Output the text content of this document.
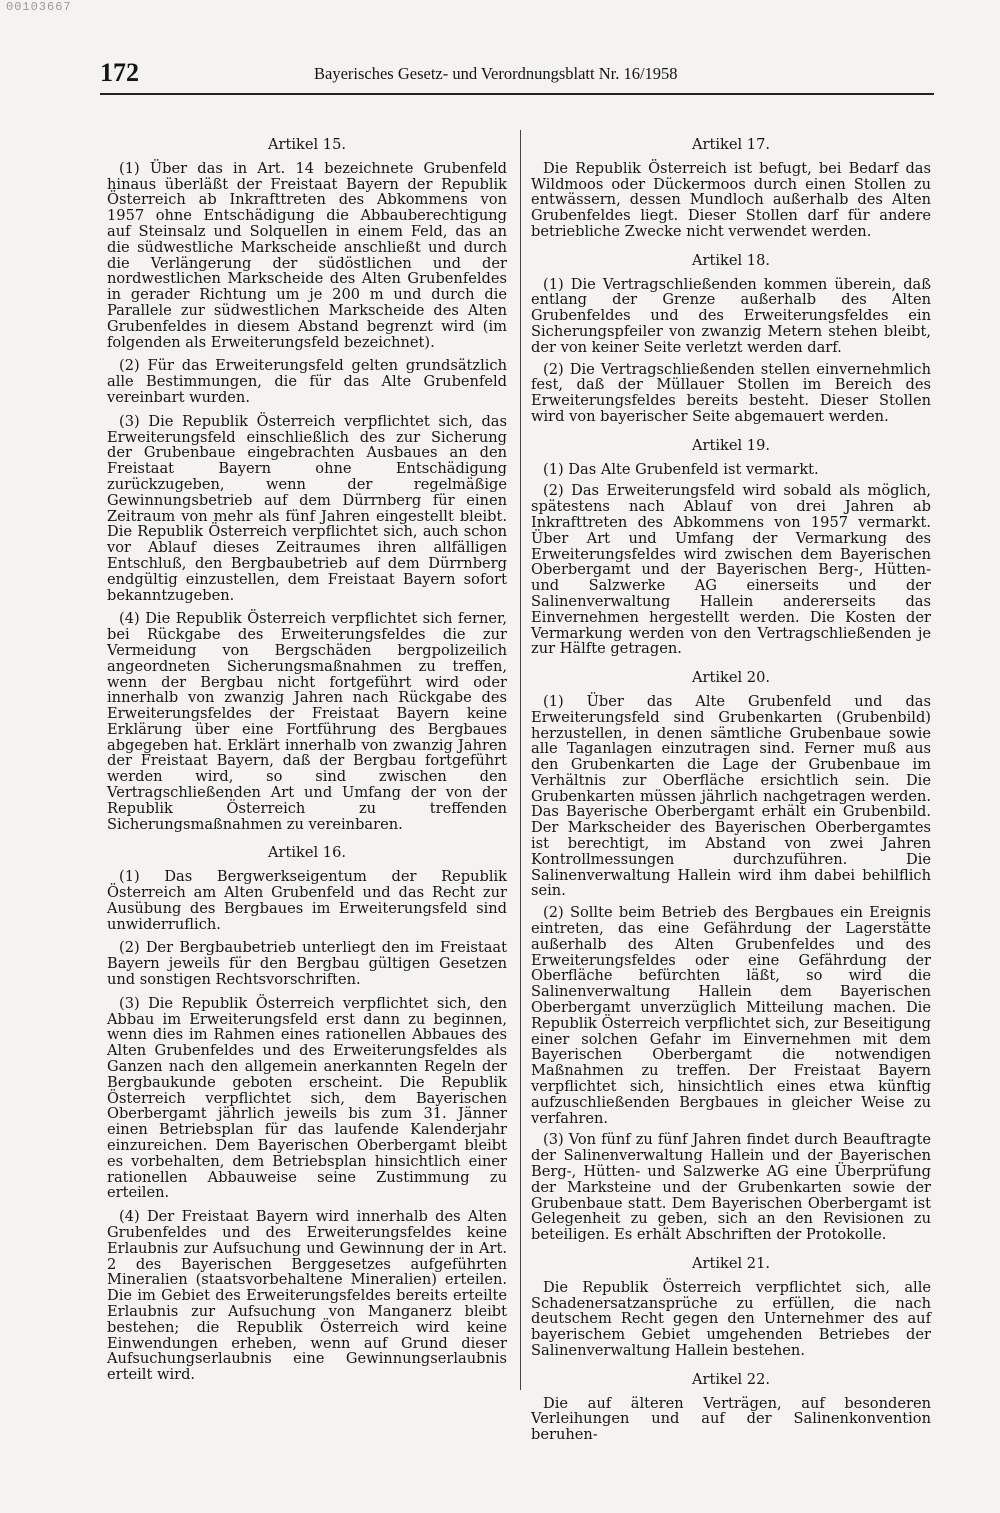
00103667
172	Bayerisches Gesetz- und Verordnungsblatt Nr. 16/1958
Artikel 15.

(1) Über das in Art. 14 bezeichnete Grubenfeld hinaus überläßt der Freistaat Bayern der Republik Österreich ab Inkrafttreten des Abkommens von 1957 ohne Entschädigung die Abbauberechtigung auf Steinsalz und Solquellen in einem Feld, das an die südwestliche Markscheide anschließt und durch die Verlängerung der südöstlichen und der nordwestlichen Markscheide des Alten Grubenfeldes in gerader Richtung um je 200 m und durch die Parallele zur südwestlichen Markscheide des Alten Grubenfeldes in diesem Abstand begrenzt wird (im folgenden als Erweiterungsfeld bezeichnet).

(2) Für das Erweiterungsfeld gelten grundsätzlich alle Bestimmungen, die für das Alte Grubenfeld vereinbart wurden.

(3) Die Republik Österreich verpflichtet sich, das Erweiterungsfeld einschließlich des zur Sicherung der Grubenbaue eingebrachten Ausbaues an den Freistaat Bayern ohne Entschädigung zurückzugeben, wenn der regelmäßige Gewinnungsbetrieb auf dem Dürrnberg für einen Zeitraum von mehr als fünf Jahren eingestellt bleibt. Die Republik Österreich verpflichtet sich, auch schon vor Ablauf dieses Zeitraumes ihren allfälligen Entschluß, den Bergbaubetrieb auf dem Dürrnberg endgültig einzustellen, dem Freistaat Bayern sofort bekanntzugeben.

(4) Die Republik Österreich verpflichtet sich ferner, bei Rückgabe des Erweiterungsfeldes die zur Vermeidung von Bergschäden bergpolizeilich angeordneten Sicherungsmaßnahmen zu treffen, wenn der Bergbau nicht fortgeführt wird oder innerhalb von zwanzig Jahren nach Rückgabe des Erweiterungsfeldes der Freistaat Bayern keine Erklärung über eine Fortführung des Bergbaues abgegeben hat. Erklärt innerhalb von zwanzig Jahren der Freistaat Bayern, daß der Bergbau fortgeführt werden wird, so sind zwischen den Vertragschließenden Art und Umfang der von der Republik Österreich zu treffenden Sicherungsmaßnahmen zu vereinbaren.

Artikel 16.

(1) Das Bergwerkseigentum der Republik Österreich am Alten Grubenfeld und das Recht zur Ausübung des Bergbaues im Erweiterungsfeld sind unwiderruflich.

(2) Der Bergbaubetrieb unterliegt den im Freistaat Bayern jeweils für den Bergbau gültigen Gesetzen und sonstigen Rechtsvorschriften.

(3) Die Republik Österreich verpflichtet sich, den Abbau im Erweiterungsfeld erst dann zu beginnen, wenn dies im Rahmen eines rationellen Abbaues des Alten Grubenfeldes und des Erweiterungsfeldes als Ganzen nach den allgemein anerkannten Regeln der Bergbaukunde geboten erscheint. Die Republik Österreich verpflichtet sich, dem Bayerischen Oberbergamt jährlich jeweils bis zum 31. Jänner einen Betriebsplan für das laufende Kalenderjahr einzureichen. Dem Bayerischen Oberbergamt bleibt es vorbehalten, dem Betriebsplan hinsichtlich einer rationellen Abbauweise seine Zustimmung zu erteilen.

(4) Der Freistaat Bayern wird innerhalb des Alten Grubenfeldes und des Erweiterungsfeldes keine Erlaubnis zur Aufsuchung und Gewinnung der in Art. 2 des Bayerischen Berggesetzes aufgeführten Mineralien (staatsvorbehaltene Mineralien) erteilen. Die im Gebiet des Erweiterungsfeldes bereits erteilte Erlaubnis zur Aufsuchung von Manganerz bleibt bestehen; die Republik Österreich wird keine Einwendungen erheben, wenn auf Grund dieser Aufsuchungserlaubnis eine Gewinnungserlaubnis erteilt wird.

Artikel 17.

Die Republik Österreich ist befugt, bei Bedarf das Wildmoos oder Dückermoos durch einen Stollen zu entwässern, dessen Mundloch außerhalb des Alten Grubenfeldes liegt. Dieser Stollen darf für andere betriebliche Zwecke nicht verwendet werden.

Artikel 18.

(1) Die Vertragschließenden kommen überein, daß entlang der Grenze außerhalb des Alten Grubenfeldes und des Erweiterungsfeldes ein Sicherungspfeiler von zwanzig Metern stehen bleibt, der von keiner Seite verletzt werden darf.

(2) Die Vertragschließenden stellen einvernehmlich fest, daß der Müllauer Stollen im Bereich des Erweiterungsfeldes bereits besteht. Dieser Stollen wird von bayerischer Seite abgemauert werden.

Artikel 19.

(1) Das Alte Grubenfeld ist vermarkt.

(2) Das Erweiterungsfeld wird sobald als möglich, spätestens nach Ablauf von drei Jahren ab Inkrafttreten des Abkommens von 1957 vermarkt. Über Art und Umfang der Vermarkung des Erweiterungsfeldes wird zwischen dem Bayerischen Oberbergamt und der Bayerischen Berg-, Hütten- und Salzwerke AG einerseits und der Salinenverwaltung Hallein andererseits das Einvernehmen hergestellt werden. Die Kosten der Vermarkung werden von den Vertragschließenden je zur Hälfte getragen.

Artikel 20.

(1) Über das Alte Grubenfeld und das Erweiterungsfeld sind Grubenkarten (Grubenbild) herzustellen, in denen sämtliche Grubenbaue sowie alle Taganlagen einzutragen sind. Ferner muß aus den Grubenkarten die Lage der Grubenbaue im Verhältnis zur Oberfläche ersichtlich sein. Die Grubenkarten müssen jährlich nachgetragen werden. Das Bayerische Oberbergamt erhält ein Grubenbild. Der Markscheider des Bayerischen Oberbergamtes ist berechtigt, im Abstand von zwei Jahren Kontrollmessungen durchzuführen. Die Salinenverwaltung Hallein wird ihm dabei behilflich sein.

(2) Sollte beim Betrieb des Bergbaues ein Ereignis eintreten, das eine Gefährdung der Lagerstätte außerhalb des Alten Grubenfeldes und des Erweiterungsfeldes oder eine Gefährdung der Oberfläche befürchten läßt, so wird die Salinenverwaltung Hallein dem Bayerischen Oberbergamt unverzüglich Mitteilung machen. Die Republik Österreich verpflichtet sich, zur Beseitigung einer solchen Gefahr im Einvernehmen mit dem Bayerischen Oberbergamt die notwendigen Maßnahmen zu treffen. Der Freistaat Bayern verpflichtet sich, hinsichtlich eines etwa künftig aufzuschließenden Bergbaues in gleicher Weise zu verfahren.

(3) Von fünf zu fünf Jahren findet durch Beauftragte der Salinenverwaltung Hallein und der Bayerischen Berg-, Hütten- und Salzwerke AG eine Überprüfung der Marksteine und der Grubenkarten sowie der Grubenbaue statt. Dem Bayerischen Oberbergamt ist Gelegenheit zu geben, sich an den Revisionen zu beteiligen. Es erhält Abschriften der Protokolle.

Artikel 21.

Die Republik Österreich verpflichtet sich, alle Schadenersatzansprüche zu erfüllen, die nach deutschem Recht gegen den Unternehmer des auf bayerischem Gebiet umgehenden Betriebes der Salinenverwaltung Hallein bestehen.

Artikel 22.

Die auf älteren Verträgen, auf besonderen Verleihungen und auf der Salinenkonvention beruhen-
